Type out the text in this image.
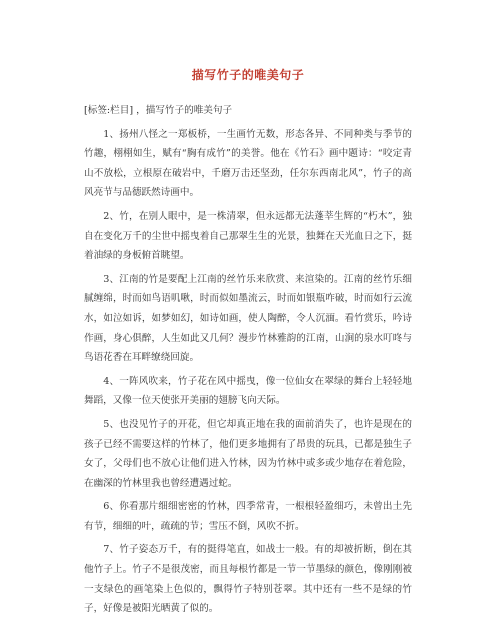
描写竹子的唯美句子

[标签:栏目] ，描写竹子的唯美句子

1、扬州八怪之一郑板桥，一生画竹无数，形态各异、不同种类与季节的竹趣，栩栩如生，赋有“胸有成竹”的美誉。他在《竹石》画中题诗：“咬定青山不放松，立根原在破岩中，千磨万击还坚劲，任尔东西南北风”，竹子的高风亮节与品德跃然诗画中。

2、竹，在别人眼中，是一株清翠，但永远都无法蓬莘生辉的“朽木”，独自在变化万千的尘世中摇曳着自己那翠生生的光景，独舞在天光血日之下，挺着油绿的身板俯首眺望。

3、江南的竹是要配上江南的丝竹乐来欣赏、来渲染的。江南的丝竹乐细腻缠绵，时而如鸟语叽啾，时而似如墨流云，时而如银瓶咋破，时而如行云流水，如泣如诉，如梦如幻，如诗如画，使人陶醉，令人沉湎。看竹赏乐，吟诗作画，身心俱醉，人生如此又几何？漫步竹林雅韵的江南，山涧的泉水叮咚与鸟语花香在耳畔缭绕回旋。

4、一阵风吹来，竹子花在风中摇曳，像一位仙女在翠绿的舞台上轻轻地舞蹈，又像一位天使张开美丽的翅膀飞向天际。

5、也没见竹子的开花，但它却真正地在我的面前消失了，也许是现在的孩子已经不需要这样的竹林了，他们更多地拥有了昂贵的玩具，已都是独生子女了，父母们也不放心让他们进入竹林，因为竹林中或多或少地存在着危险，在幽深的竹林里我也曾经遭遇过蛇。

6、你看那片细细密密的竹林，四季常青，一根根轻盈细巧，未曾出土先有节，细细的叶，疏疏的节；雪压不倒，风吹不折。

7、竹子姿态万千，有的挺得笔直，如战士一般。有的却被折断，倒在其他竹子上。竹子不是很茂密，而且每根竹都是一节一节墨绿的颜色，像刚刚被一支绿色的画笔染上色似的，飘得竹子特别苍翠。其中还有一些不是绿的竹子，好像是被阳光晒黄了似的。
